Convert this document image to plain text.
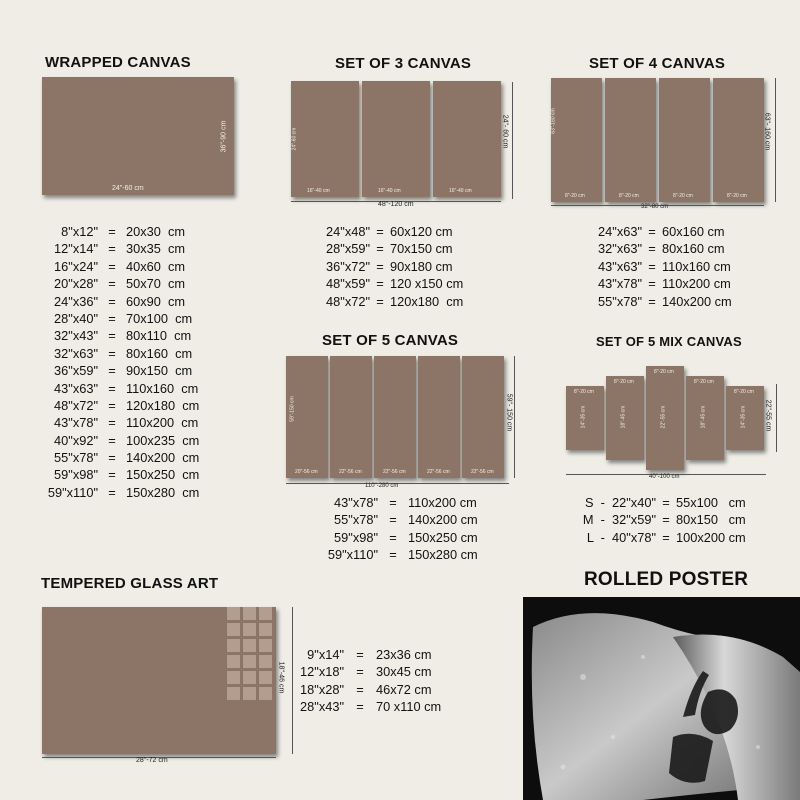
WRAPPED CANVAS
24"-60 cm
36"-90 cm
8"x12" = 20x30  cm
12"x14" = 30x35  cm
16"x24" = 40x60  cm
20"x28" = 50x70  cm
24"x36" = 60x90  cm
28"x40" = 70x100  cm
32"x43" = 80x110  cm
32"x63" = 80x160  cm
36"x59" = 90x150  cm
43"x63" = 110x160  cm
48"x72" = 120x180  cm
43"x78" = 110x200  cm
40"x92" = 100x235  cm
55"x78" = 140x200  cm
59"x98" = 150x250  cm
59"x110" = 150x280  cm
SET OF 3 CANVAS
16"-40 cm
24"-60 cm
16"-40 cm	16"-40 cm
48"-120 cm
24"- 60 cm
24"x48" = 60x120 cm
28"x59" = 70x150 cm
36"x72" = 90x180 cm
48"x59" = 120 x150 cm
48"x72" = 120x180  cm
SET OF 4 CANVAS
8"-20 cm
63"-160 cm
8"-20 cm	8"-20 cm	8"-20 cm
32"-80 cm
63"- 160 cm
24"x63" = 60x160 cm
32"x63" = 80x160 cm
43"x63" = 110x160 cm
43"x78" = 110x200 cm
55"x78" = 140x200 cm
SET OF 5 CANVAS
20"-56 cm
59"-150 cm
22"-56 cm	22"-56 cm	22"-56 cm	22"-56 cm
110"-280 cm
59"- 150 cm
43"x78" = 110x200 cm
55"x78" = 140x200 cm
59"x98" = 150x250 cm
59"x110" = 150x280 cm
SET OF 5 MIX CANVAS
8"-20 cm
14"-35 cm
8"-20 cm
18"-45 cm
8"-20 cm
22"-55 cm
8"-20 cm
18"-45 cm
8"-20 cm
14"-35 cm
40"-100 cm
22"-55 cm
S  -  22"x40" = 55x100   cm
M  -  32"x59" = 80x150   cm
L  -  40"x78" = 100x200 cm
TEMPERED GLASS ART
28"-72 cm
18"-46 cm
9"x14" = 23x36 cm
12"x18" = 30x45 cm
18"x28" = 46x72 cm
28"x43" = 70 x110 cm
ROLLED POSTER
